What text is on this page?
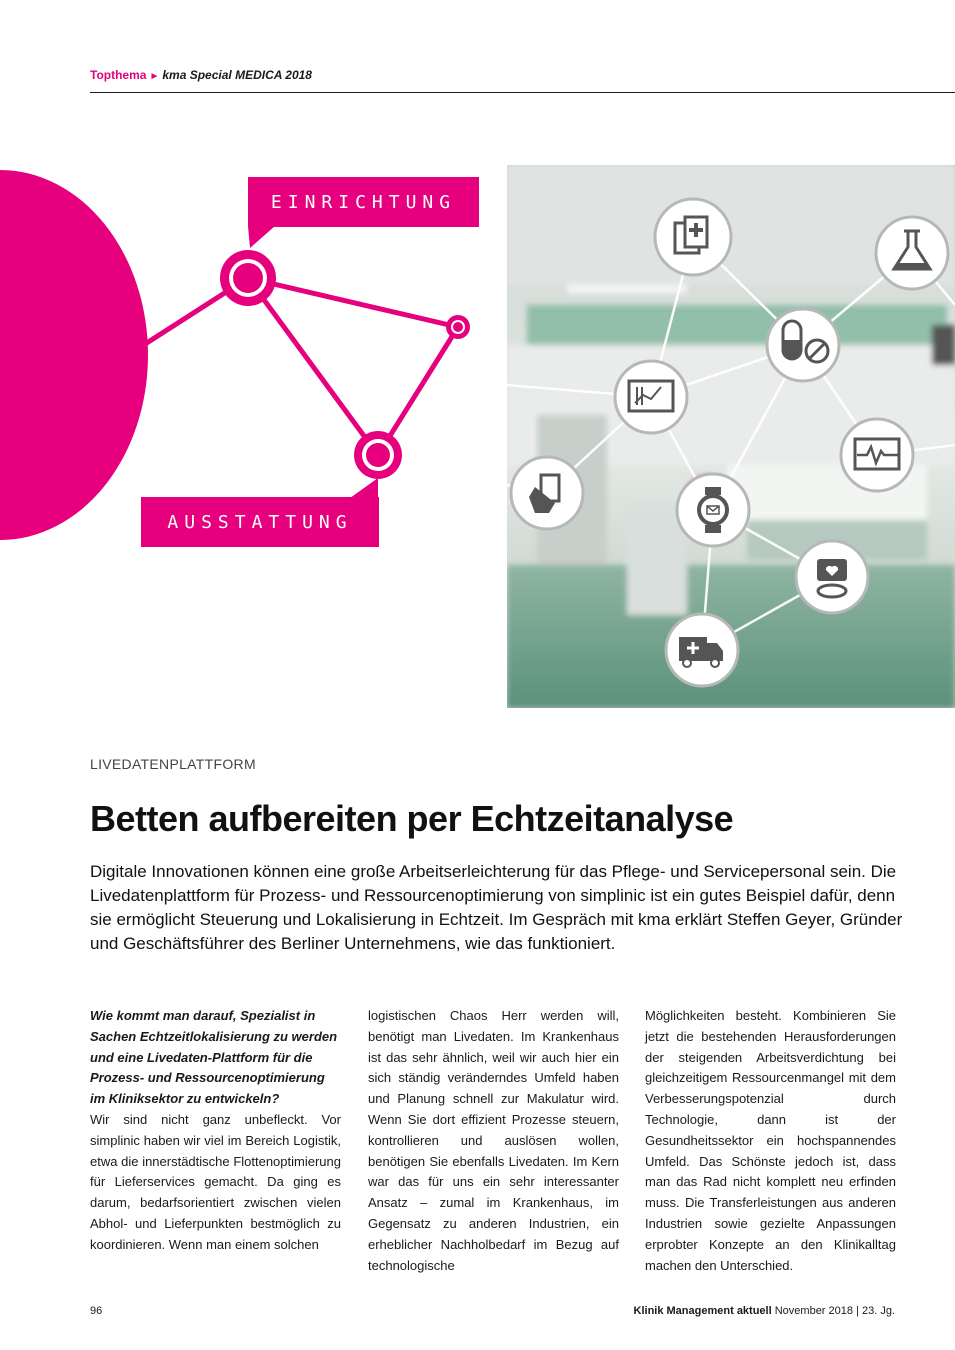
Topthema ► kma Special MEDICA 2018
EINRICHTUNG
AUSSTATTUNG
LIVEDATENPLATTFORM
Betten aufbereiten per Echtzeitanalyse

Digitale Innovationen können eine große Arbeitserleichterung für das Pflege- und Servicepersonal sein. Die Livedatenplattform für Prozess- und Ressourcenoptimierung von simplinic ist ein gutes Beispiel dafür, denn sie ermöglicht Steuerung und Lokalisierung in Echtzeit. Im Gespräch mit kma erklärt Steffen Geyer, Gründer und Geschäftsführer des Berliner Unternehmens, wie das funktioniert.

Wie kommt man darauf, Spezialist in Sachen Echtzeitlokalisierung zu werden und eine Livedaten-Plattform für die Prozess- und Ressourcenoptimierung im Kliniksektor zu entwickeln?
Wir sind nicht ganz unbefleckt. Vor simplinic haben wir viel im Bereich Logistik, etwa die innerstädtische Flottenoptimierung für Lieferservices gemacht. Da ging es darum, bedarfsorientiert zwischen vielen Abhol- und Lieferpunkten bestmöglich zu koordinieren. Wenn man einem solchen
logistischen Chaos Herr werden will, benötigt man Livedaten. Im Krankenhaus ist das sehr ähnlich, weil wir auch hier ein sich ständig veränderndes Umfeld haben und Planung schnell zur Makulatur wird. Wenn Sie dort effizient Prozesse steuern, kontrollieren und auslösen wollen, benötigen Sie ebenfalls Livedaten. Im Kern war das für uns ein sehr interessanter Ansatz – zumal im Krankenhaus, im Gegensatz zu anderen Industrien, ein erheblicher Nachholbedarf im Bezug auf technologische
Möglichkeiten besteht. Kombinieren Sie jetzt die bestehenden Herausforderungen der steigenden Arbeitsverdichtung bei gleichzeitigem Ressourcenmangel mit dem Verbesserungspotenzial durch Technologie, dann ist der Gesundheitssektor ein hochspannendes Umfeld. Das Schönste jedoch ist, dass man das Rad nicht komplett neu erfinden muss. Die Transferleistungen aus anderen Industrien sowie gezielte Anpassungen erprobter Konzepte an den Klinikalltag machen den Unterschied.
96	Klinik Management aktuell November 2018 | 23. Jg.
